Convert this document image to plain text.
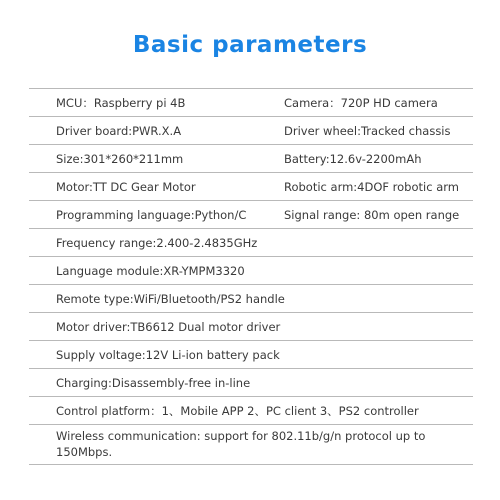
Basic parameters
MCU：Raspberry pi 4B	Camera：720P HD camera
Driver board:PWR.X.A	Driver wheel:Tracked chassis
Size:301*260*211mm	Battery:12.6v-2200mAh
Motor:TT DC Gear Motor	Robotic arm:4DOF robotic arm
Programming language:Python/C	Signal range: 80m open range
Frequency range:2.400-2.4835GHz
Language module:XR-YMPM3320
Remote type:WiFi/Bluetooth/PS2 handle
Motor driver:TB6612 Dual motor driver
Supply voltage:12V Li-ion battery pack
Charging:Disassembly-free in-line
Control platform：1、Mobile APP 2、PC client 3、PS2 controller
Wireless communication: support for 802.11b/g/n protocol up to 150Mbps.
